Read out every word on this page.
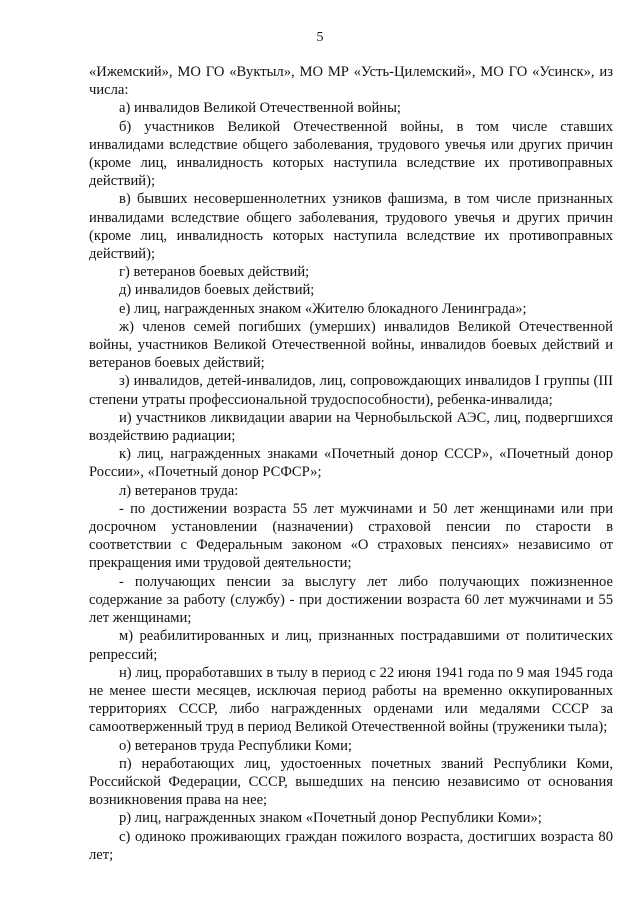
5

«Ижемский», МО ГО «Вуктыл», МО МР «Усть-Цилемский», МО ГО «Усинск», из числа:

а) инвалидов Великой Отечественной войны;

б) участников Великой Отечественной войны, в том числе ставших инвалидами вследствие общего заболевания, трудового увечья или других причин (кроме лиц, инвалидность которых наступила вследствие их противоправных действий);

в) бывших несовершеннолетних узников фашизма, в том числе признанных инвалидами вследствие общего заболевания, трудового увечья и других причин (кроме лиц, инвалидность которых наступила вследствие их противоправных действий);

г) ветеранов боевых действий;

д) инвалидов боевых действий;

е) лиц, награжденных знаком «Жителю блокадного Ленинграда»;

ж) членов семей погибших (умерших) инвалидов Великой Отечественной войны, участников Великой Отечественной войны, инвалидов боевых действий и ветеранов боевых действий;

з) инвалидов, детей-инвалидов, лиц, сопровождающих инвалидов I группы (III степени утраты профессиональной трудоспособности), ребенка-инвалида;

и) участников ликвидации аварии на Чернобыльской АЭС, лиц, подвергшихся воздействию радиации;

к) лиц, награжденных знаками «Почетный донор СССР», «Почетный донор России», «Почетный донор РСФСР»;

л) ветеранов труда:

- по достижении возраста 55 лет мужчинами и 50 лет женщинами или при досрочном установлении (назначении) страховой пенсии по старости в соответствии с Федеральным законом «О страховых пенсиях» независимо от прекращения ими трудовой деятельности;

- получающих пенсии за выслугу лет либо получающих пожизненное содержание за работу (службу) - при достижении возраста 60 лет мужчинами и 55 лет женщинами;

м) реабилитированных и лиц, признанных пострадавшими от политических репрессий;

н) лиц, проработавших в тылу в период с 22 июня 1941 года по 9 мая 1945 года не менее шести месяцев, исключая период работы на временно оккупированных территориях СССР, либо награжденных орденами или медалями СССР за самоотверженный труд в период Великой Отечественной войны (труженики тыла);

о) ветеранов труда Республики Коми;

п) неработающих лиц, удостоенных почетных званий Республики Коми, Российской Федерации, СССР, вышедших на пенсию независимо от основания возникновения права на нее;

р) лиц, награжденных знаком «Почетный донор Республики Коми»;

с) одиноко проживающих граждан пожилого возраста, достигших возраста 80 лет;
